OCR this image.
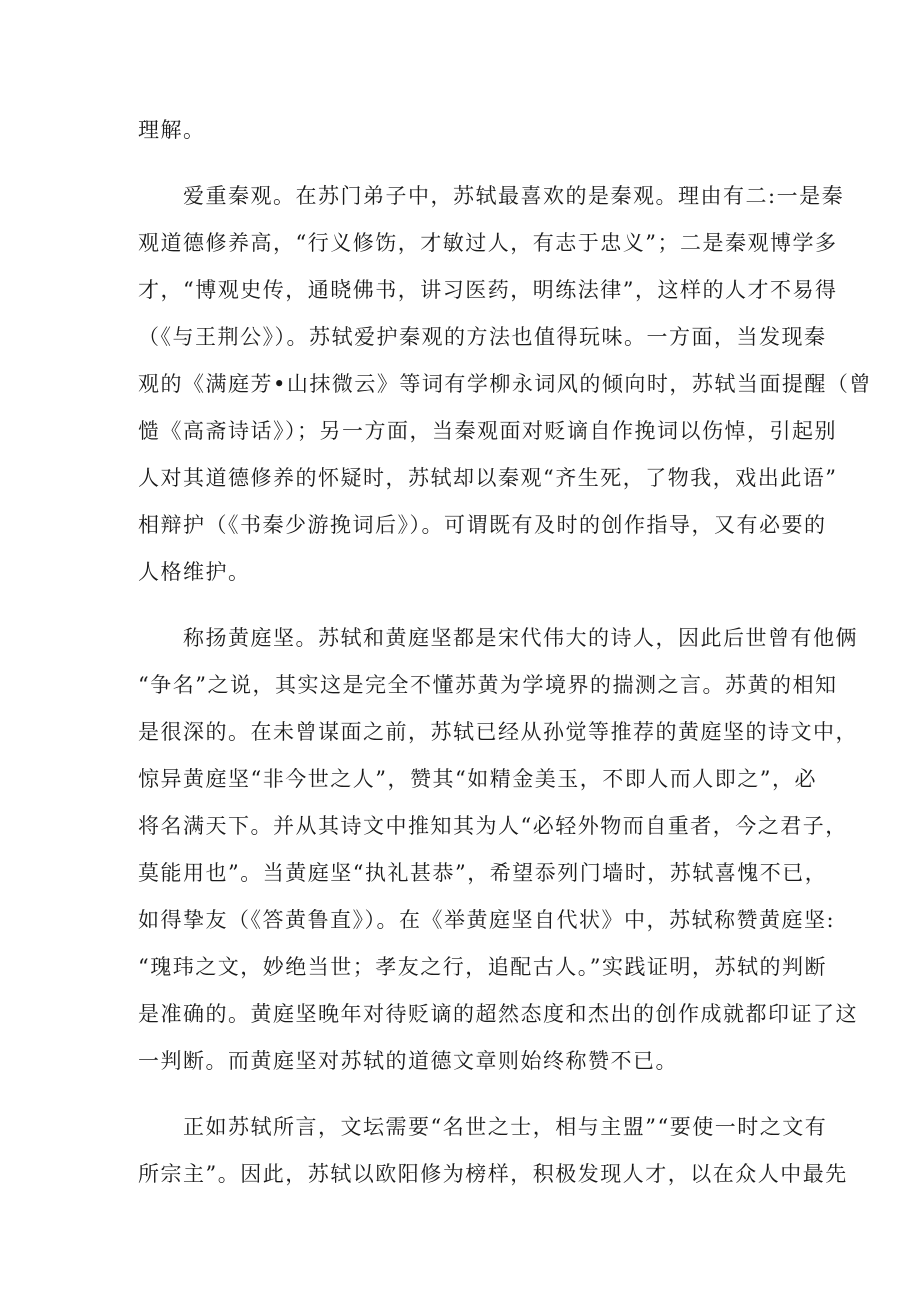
理解。
爱重秦观。在苏门弟子中，苏轼最喜欢的是秦观。理由有二:一是秦
观道德修养高，“行义修饬，才敏过人，有志于忠义”；二是秦观博学多
才，“博观史传，通晓佛书，讲习医药，明练法律”，这样的人才不易得
（《与王荆公》）。苏轼爱护秦观的方法也值得玩味。一方面，当发现秦
观的《满庭芳•山抹微云》等词有学柳永词风的倾向时，苏轼当面提醒（曾
慥《高斋诗话》）；另一方面，当秦观面对贬谪自作挽词以伤悼，引起别
人对其道德修养的怀疑时，苏轼却以秦观“齐生死，了物我，戏出此语”
相辩护（《书秦少游挽词后》）。可谓既有及时的创作指导，又有必要的
人格维护。
称扬黄庭坚。苏轼和黄庭坚都是宋代伟大的诗人，因此后世曾有他俩
“争名”之说，其实这是完全不懂苏黄为学境界的揣测之言。苏黄的相知
是很深的。在未曾谋面之前，苏轼已经从孙觉等推荐的黄庭坚的诗文中，
惊异黄庭坚“非今世之人”，赞其“如精金美玉，不即人而人即之”，必
将名满天下。并从其诗文中推知其为人“必轻外物而自重者，今之君子，
莫能用也”。当黄庭坚“执礼甚恭”，希望忝列门墙时，苏轼喜愧不已，
如得挚友（《答黄鲁直》）。在《举黄庭坚自代状》中，苏轼称赞黄庭坚:
“瑰玮之文，妙绝当世；孝友之行，追配古人。”实践证明，苏轼的判断
是准确的。黄庭坚晚年对待贬谪的超然态度和杰出的创作成就都印证了这
一判断。而黄庭坚对苏轼的道德文章则始终称赞不已。
正如苏轼所言，文坛需要“名世之士，相与主盟”“要使一时之文有
所宗主”。因此，苏轼以欧阳修为榜样，积极发现人才，以在众人中最先
